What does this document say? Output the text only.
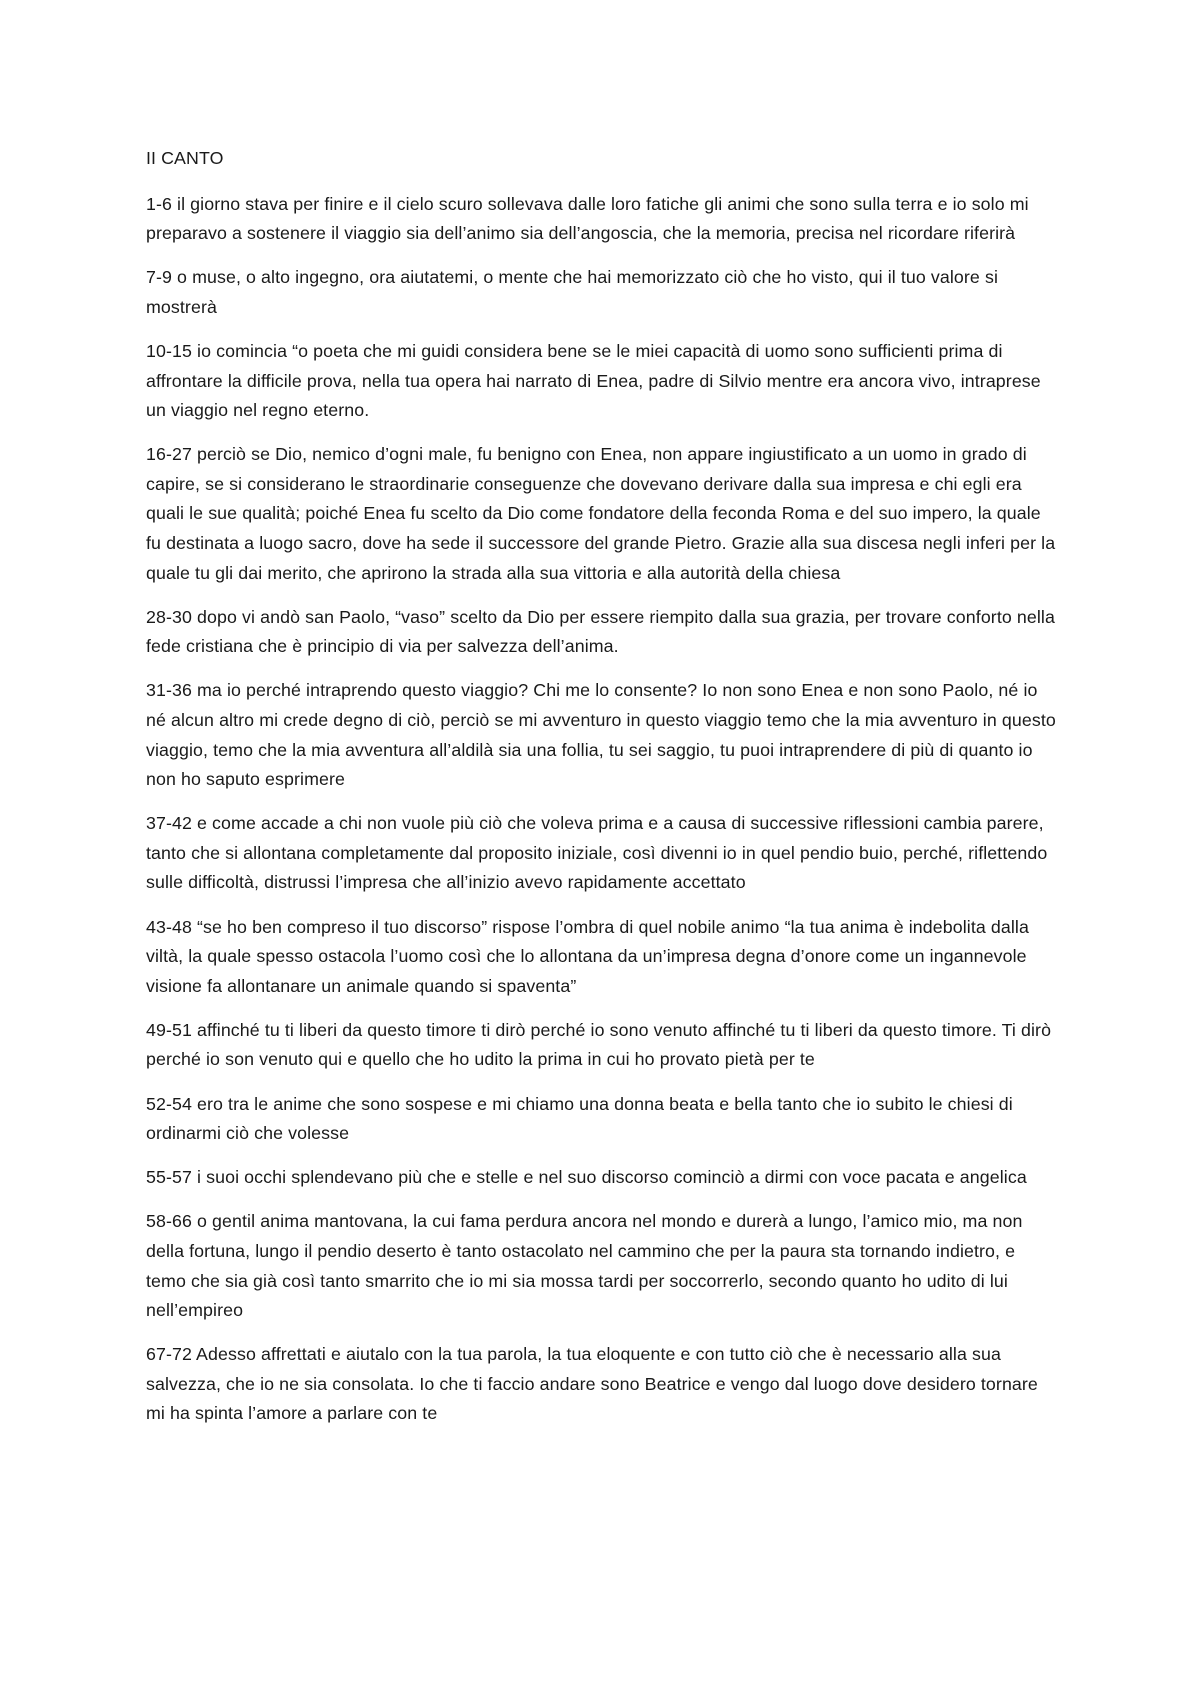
II CANTO

1-6 il giorno stava per finire e il cielo scuro sollevava dalle loro fatiche gli animi che sono sulla terra e io solo mi preparavo a sostenere il viaggio sia dell’animo sia dell’angoscia, che la memoria, precisa nel ricordare riferirà

7-9 o muse, o alto ingegno, ora aiutatemi, o mente che hai memorizzato ciò che ho visto, qui il tuo valore si mostrerà

10-15 io comincia “o poeta che mi guidi considera bene se le miei capacità di uomo sono sufficienti prima di affrontare la difficile prova, nella tua opera hai narrato di Enea, padre di Silvio mentre era ancora vivo, intraprese un viaggio nel regno eterno.

16-27 perciò se Dio, nemico d’ogni male, fu benigno con Enea, non appare ingiustificato a un uomo in grado di capire, se si considerano le straordinarie conseguenze che dovevano derivare dalla sua impresa e chi egli era quali le sue qualità; poiché Enea fu scelto da Dio come fondatore della feconda Roma e del suo impero, la quale fu destinata a luogo sacro, dove ha sede il successore del grande Pietro. Grazie alla sua discesa negli inferi per la quale tu gli dai merito, che aprirono la strada alla sua vittoria e alla autorità della chiesa

28-30 dopo vi andò san Paolo, “vaso” scelto da Dio per essere riempito dalla sua grazia, per trovare conforto nella fede cristiana che è principio di via per salvezza dell’anima.

31-36 ma io perché intraprendo questo viaggio? Chi me lo consente? Io non sono Enea e non sono Paolo, né io né alcun altro mi crede degno di ciò, perciò se mi avventuro in questo viaggio temo che la mia avventuro in questo viaggio, temo che la mia avventura all’aldilà sia una follia, tu sei saggio, tu puoi intraprendere di più di quanto io non ho saputo esprimere

37-42 e come accade a chi non vuole più ciò che voleva prima e a causa di successive riflessioni cambia parere, tanto che si allontana completamente dal proposito iniziale, così divenni io in quel pendio buio, perché, riflettendo sulle difficoltà, distrussi l’impresa che all’inizio avevo rapidamente accettato

43-48 “se ho ben compreso il tuo discorso” rispose l’ombra di quel nobile animo “la tua anima è indebolita dalla viltà, la quale spesso ostacola l’uomo così che lo allontana da un’impresa degna d’onore come un ingannevole visione fa allontanare un animale quando si spaventa”

49-51 affinché tu ti liberi da questo timore ti dirò perché io sono venuto affinché tu ti liberi da questo timore. Ti dirò perché io son venuto qui e quello che ho udito la prima in cui ho provato pietà per te

52-54 ero tra le anime che sono sospese e mi chiamo una donna beata e bella tanto che io subito le chiesi di ordinarmi ciò che volesse

55-57 i suoi occhi splendevano più che e stelle e nel suo discorso cominciò a dirmi con voce pacata e angelica

58-66 o gentil anima mantovana, la cui fama perdura ancora nel mondo e durerà a lungo, l’amico mio, ma non della fortuna, lungo il pendio deserto è tanto ostacolato nel cammino che per la paura sta tornando indietro, e temo che sia già così tanto smarrito che io mi sia mossa tardi per soccorrerlo, secondo quanto ho udito di lui nell’empireo

67-72 Adesso affrettati e aiutalo con la tua parola, la tua eloquente e con tutto ciò che è necessario alla sua salvezza, che io ne sia consolata. Io che ti faccio andare sono Beatrice e vengo dal luogo dove desidero tornare mi ha spinta l’amore a parlare con te
